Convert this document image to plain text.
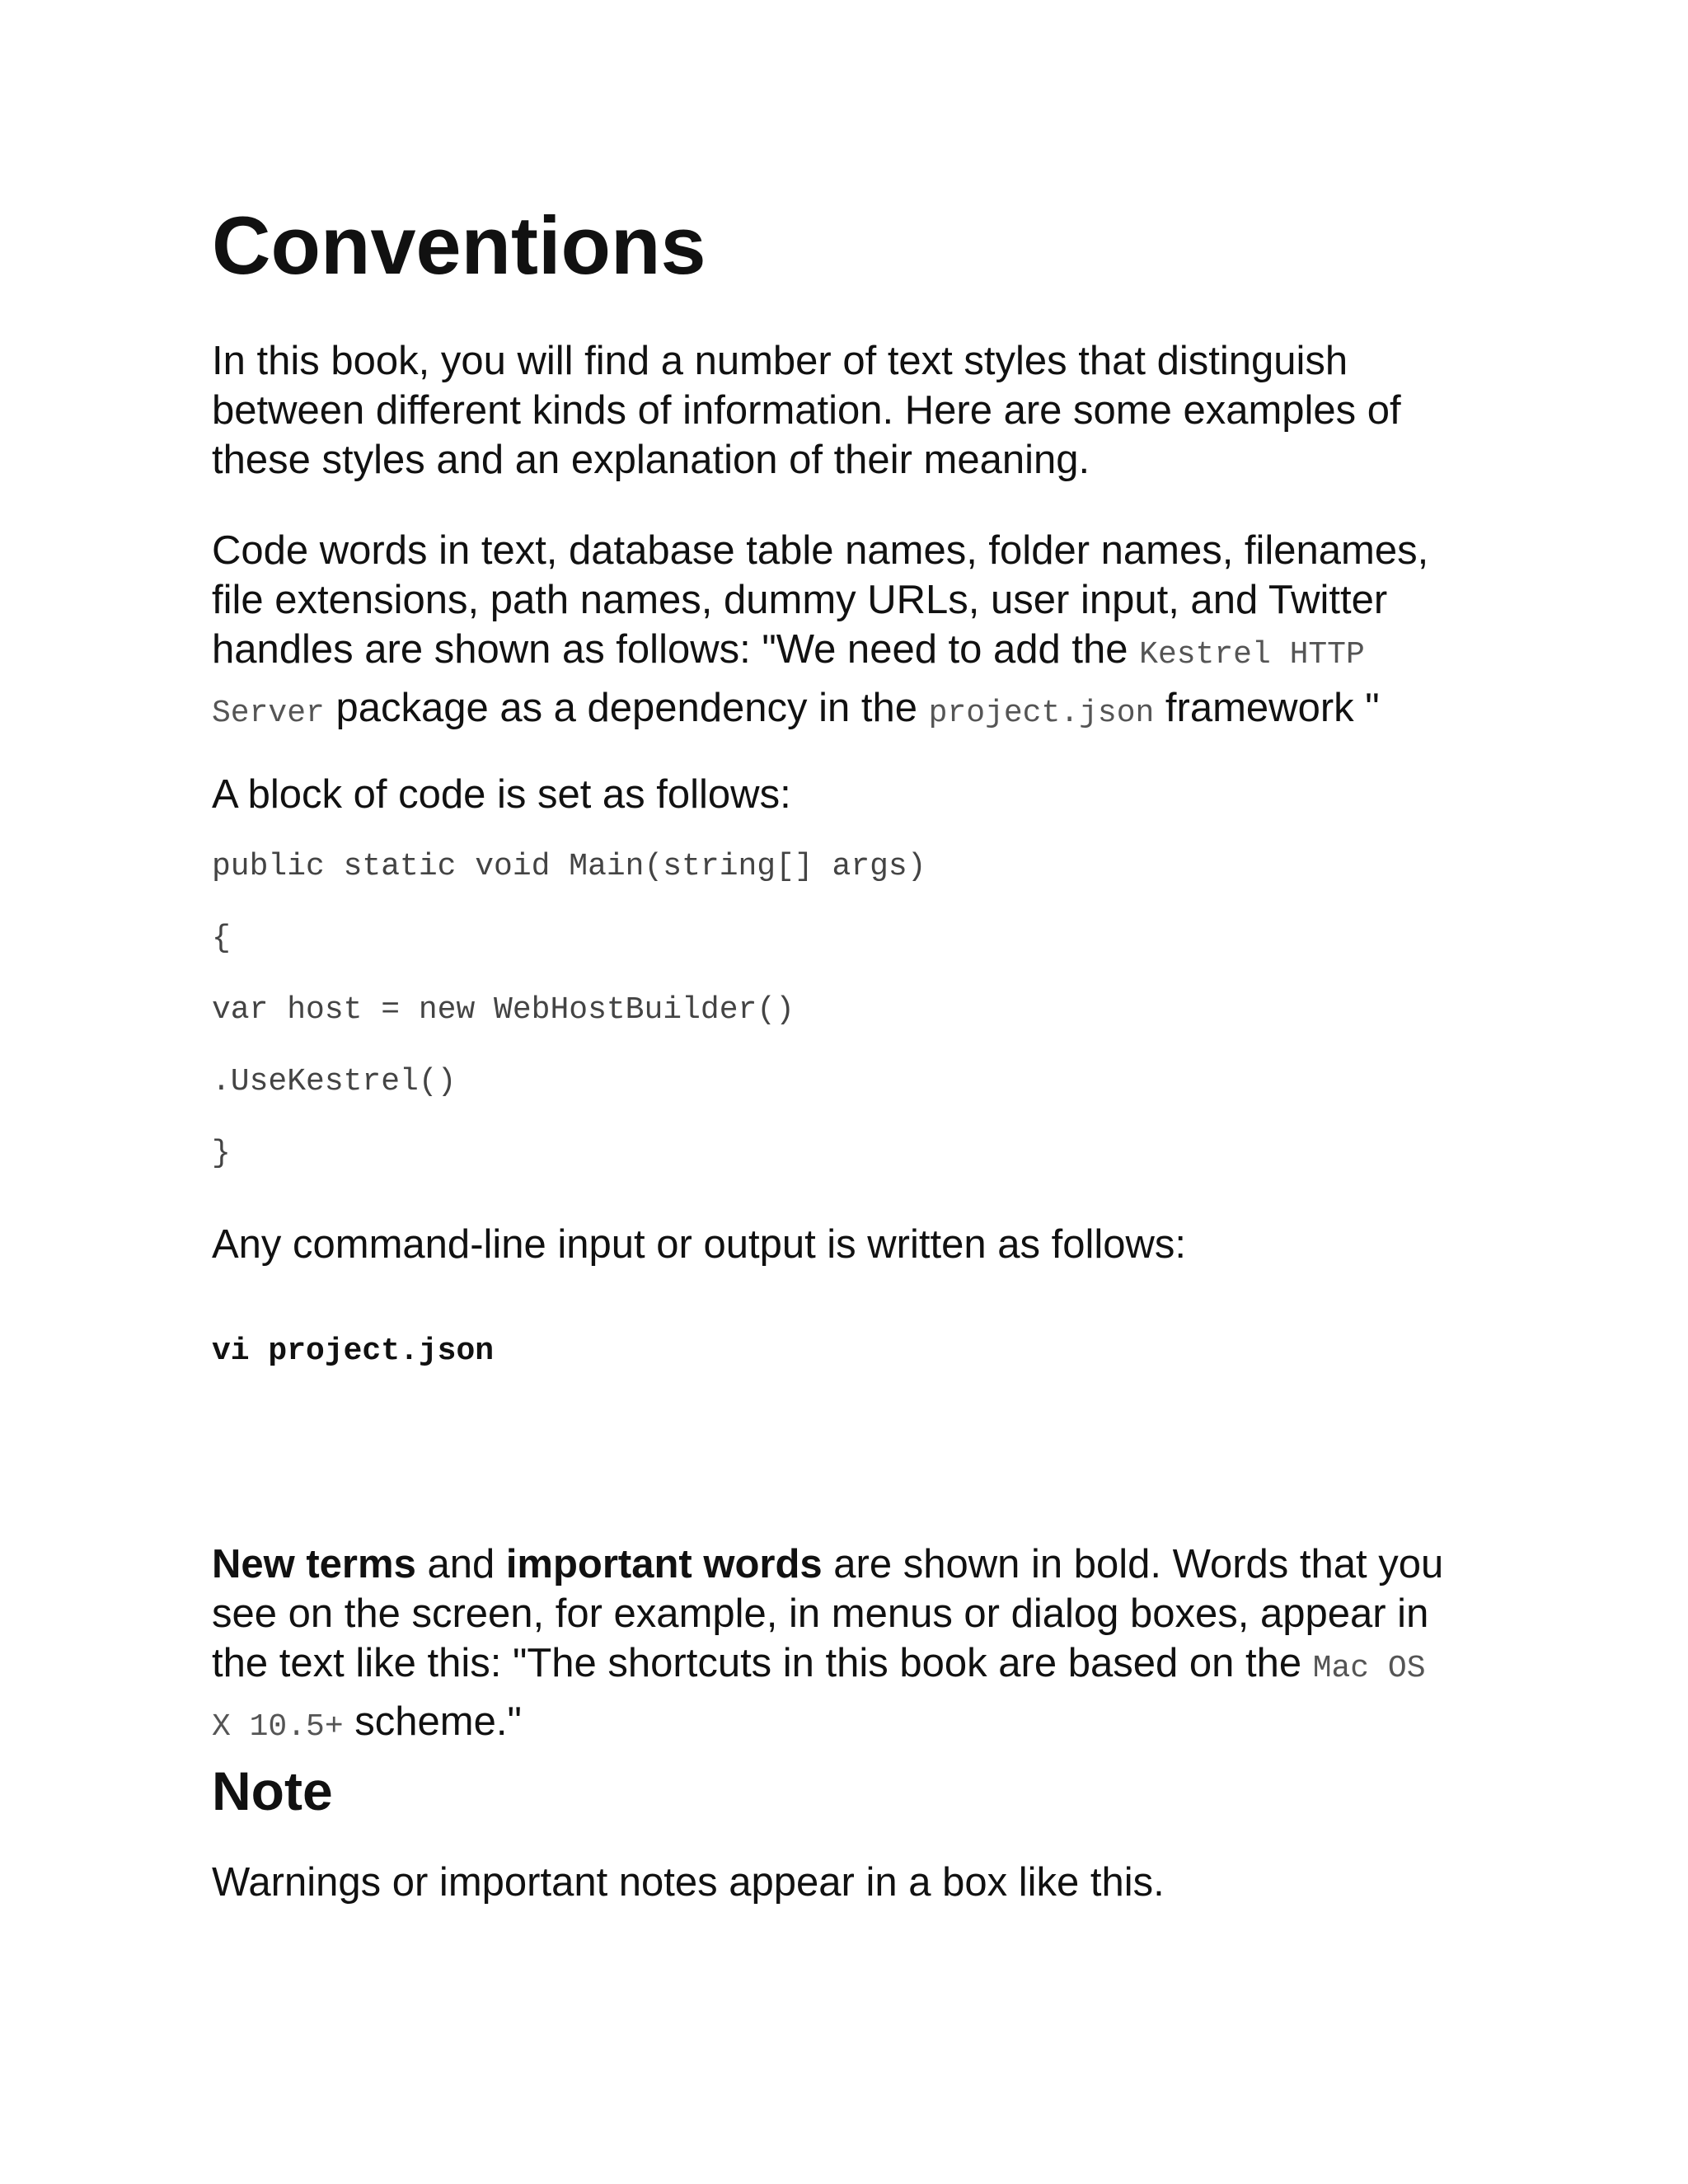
Conventions
In this book, you will find a number of text styles that distinguish
between different kinds of information. Here are some examples of
these styles and an explanation of their meaning.
Code words in text, database table names, folder names, filenames,
file extensions, path names, dummy URLs, user input, and Twitter
handles are shown as follows: "We need to add the Kestrel HTTP
Server package as a dependency in the project.json framework "
A block of code is set as follows:
public static void Main(string[] args)
{
var host = new WebHostBuilder()
.UseKestrel()
}
Any command-line input or output is written as follows:
vi project.json
New terms and important words are shown in bold. Words that you
see on the screen, for example, in menus or dialog boxes, appear in
the text like this: "The shortcuts in this book are based on the Mac OS
X 10.5+ scheme."
Note
Warnings or important notes appear in a box like this.
